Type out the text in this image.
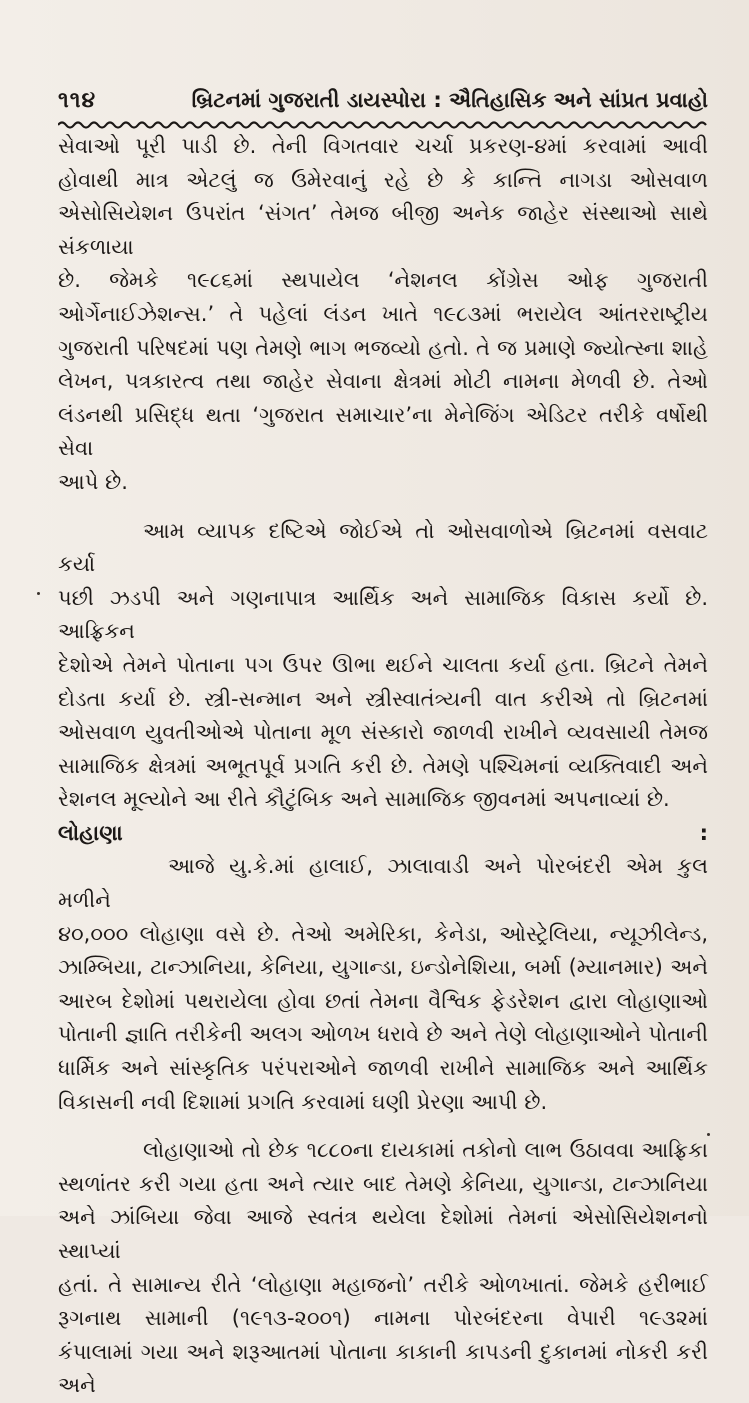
૧૧૪	બ્રિટનમાં ગુજરાતી ડાયસ્પોરા : ઐતિહાસિક અને સાંપ્રત પ્રવાહો

સેવાઓ પૂરી પાડી છે. તેની વિગતવાર ચર્ચા પ્રકરણ-૪માં કરવામાં આવી

હોવાથી માત્ર એટલું જ ઉમેરવાનું રહે છે કે કાન્તિ નાગડા ઓસવાળ

એસોસિયેશન ઉપરાંત ‘સંગત’ તેમજ બીજી અનેક જાહેર સંસ્થાઓ સાથે સંકળાયા

છે. જેમકે ૧૯૮૬માં સ્થપાયેલ ‘નેશનલ કોંગ્રેસ ઓફ ગુજરાતી

ઓર્ગેનાઈઝેશન્સ.’ તે પહેલાં લંડન ખાતે ૧૯૮૩માં ભરાયેલ આંતરરાષ્ટ્રીય

ગુજરાતી પરિષદમાં પણ તેમણે ભાગ ભજવ્યો હતો. તે જ પ્રમાણે જ્યોત્સ્ના શાહે

લેખન, પત્રકારત્વ તથા જાહેર સેવાના ક્ષેત્રમાં મોટી નામના મેળવી છે. તેઓ

લંડનથી પ્રસિદ્ધ થતા ‘ગુજરાત સમાચાર’ના મેનેજિંગ એડિટર તરીકે વર્ષોથી સેવા

આપે છે.

આમ વ્યાપક દષ્ટિએ જોઈએ તો ઓસવાળોએ બ્રિટનમાં વસવાટ કર્યા

પછી ઝડપી અને ગણનાપાત્ર આર્થિક અને સામાજિક વિકાસ કર્યો છે. આફ્રિકન

દેશોએ તેમને પોતાના પગ ઉપર ઊભા થઈને ચાલતા કર્યા હતા. બ્રિટને તેમને

દોડતા કર્યા છે. સ્ત્રી-સન્માન અને સ્ત્રીસ્વાતંત્ર્યની વાત કરીએ તો બ્રિટનમાં

ઓસવાળ યુવતીઓએ પોતાના મૂળ સંસ્કારો જાળવી રાખીને વ્યવસાયી તેમજ

સામાજિક ક્ષેત્રમાં અભૂતપૂર્વ પ્રગતિ કરી છે. તેમણે પશ્ચિમનાં વ્યક્તિવાદી અને

રેશનલ મૂલ્યોને આ રીતે કૌટુંબિક અને સામાજિક જીવનમાં અપનાવ્યાં છે.

લોહાણા :

આજે યુ.કે.માં હાલાઈ, ઝાલાવાડી અને પોરબંદરી એમ કુલ મળીને

૪૦,૦૦૦ લોહાણા વસે છે. તેઓ અમેરિકા, કેનેડા, ઓસ્ટ્રેલિયા, ન્યૂઝીલેન્ડ,

ઝામ્બિયા, ટાન્ઝાનિયા, કેનિયા, યુગાન્ડા, ઇન્ડોનેશિયા, બર્મા (મ્યાનમાર) અને

આરબ દેશોમાં પથરાયેલા હોવા છતાં તેમના વૈશ્વિક ફેડરેશન દ્વારા લોહાણાઓ

પોતાની જ્ઞાતિ તરીકેની અલગ ઓળખ ધરાવે છે અને તેણે લોહાણાઓને પોતાની

ધાર્મિક અને સાંસ્કૃતિક પરંપરાઓને જાળવી રાખીને સામાજિક અને આર્થિક

વિકાસની નવી દિશામાં પ્રગતિ કરવામાં ઘણી પ્રેરણા આપી છે.

લોહાણાઓ તો છેક ૧૮૮૦ના દાયકામાં તકોનો લાભ ઉઠાવવા આફ્રિકા

સ્થળાંતર કરી ગયા હતા અને ત્યાર બાદ તેમણે કેનિયા, યુગાન્ડા, ટાન્ઝાનિયા

અને ઝાંબિયા જેવા આજે સ્વતંત્ર થયેલા દેશોમાં તેમનાં એસોસિયેશનનો સ્થાપ્યાં

હતાં. તે સામાન્ય રીતે ‘લોહાણા મહાજનો’ તરીકે ઓળખાતાં. જેમકે હરીભાઈ

રૂગનાથ સામાની (૧૯૧૩-૨૦૦૧) નામના પોરબંદરના વેપારી ૧૯૩૨માં

કંપાલામાં ગયા અને શરૂઆતમાં પોતાના કાકાની કાપડની દુકાનમાં નોકરી કરી અને
